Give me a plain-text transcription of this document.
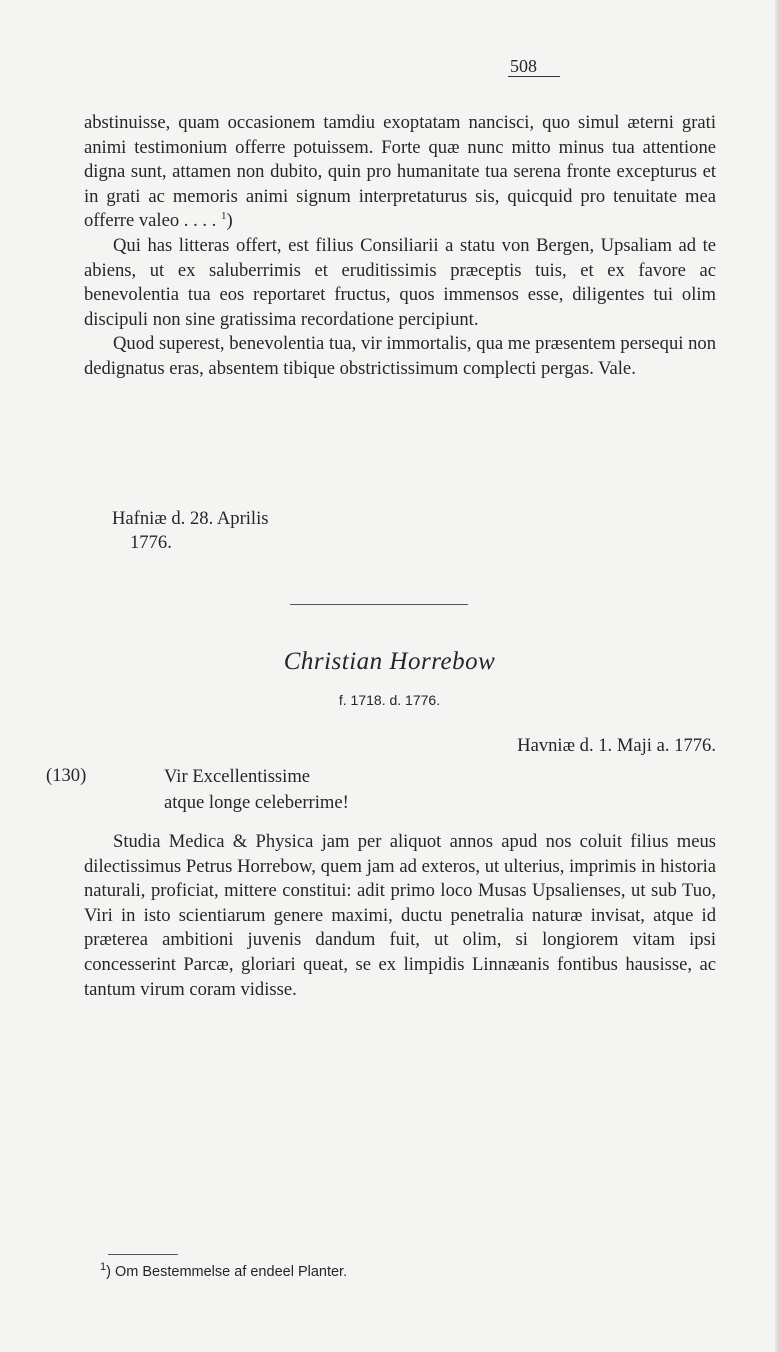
508

abstinuisse, quam occasionem tamdiu exoptatam nancisci, quo simul æterni grati animi testimonium offerre potuissem. Forte quæ nunc mitto minus tua attentione digna sunt, attamen non dubito, quin pro humanitate tua serena fronte excepturus et in grati ac memoris animi signum interpretaturus sis, quicquid pro tenuitate mea offerre valeo . . . . $^1$)

Qui has litteras offert, est filius Consiliarii a statu von Bergen, Upsaliam ad te abiens, ut ex saluberrimis et eruditissimis præceptis tuis, et ex favore ac benevolentia tua eos reportaret fructus, quos immensos esse, diligentes tui olim discipuli non sine gratissima recordatione percipiunt.

Quod superest, benevolentia tua, vir immortalis, qua me præsentem persequi non dedignatus eras, absentem tibique obstrictissimum complecti pergas. Vale.

Hafniæ d. 28. Aprilis
1776.
Christian Horrebow
f. 1718. d. 1776.
Havniæ d. 1. Maji a. 1776.
(130)	Vir Excellentissime
atque longe celeberrime!

Studia Medica & Physica jam per aliquot annos apud nos coluit filius meus dilectissimus Petrus Horrebow, quem jam ad exteros, ut ulterius, imprimis in historia naturali, proficiat, mittere constitui: adit primo loco Musas Upsalienses, ut sub Tuo, Viri in isto scientiarum genere maximi, ductu penetralia naturæ invisat, atque id præterea ambitioni juvenis dandum fuit, ut olim, si longiorem vitam ipsi concesserint Parcæ, gloriari queat, se ex limpidis Linnæanis fontibus hausisse, ac tantum virum coram vidisse.

$^1$) Om Bestemmelse af endeel Planter.
